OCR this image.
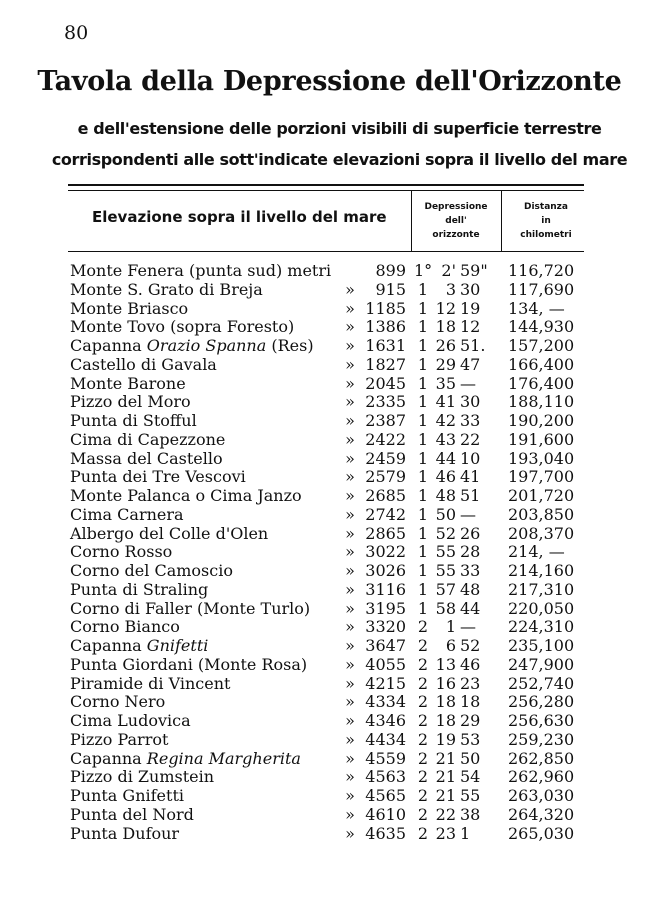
80
Tavola della Depressione dell'Orizzonte
e dell'estensione delle porzioni visibili di superficie terrestre
corrispondenti alle sott'indicate elevazioni sopra il livello del mare
Elevazione sopra il livello del mare
Depressione
dell'
orizzonte
Distanza
in
chilometri
Monte Fenera (punta sud) metri	899 1° 2' 59"	116,720
Monte S. Grato di Breja	»	915 1	3 30	117,690
Monte Briasco	» 1185 1 12 19	134, —
Monte Tovo (sopra Foresto)	» 1386 1 18 12	144,930
Capanna Orazio Spanna (Res) » 1631 1 26 51.	157,200
Castello di Gavala	» 1827 1 29 47	166,400
Monte Barone	» 2045 1 35 —	176,400
Pizzo del Moro	» 2335 1 41 30	188,110
Punta di Stofful	» 2387 1 42 33	190,200
Cima di Capezzone	» 2422 1 43 22	191,600
Massa del Castello	» 2459 1 44 10	193,040
Punta dei Tre Vescovi	» 2579 1 46 41	197,700
Monte Palanca o Cima Janzo	» 2685 1 48 51	201,720
Cima Carnera	» 2742 1 50 —	203,850
Albergo del Colle d'Olen	» 2865 1 52 26	208,370
Corno Rosso	» 3022 1 55 28	214, —
Corno del Camoscio	» 3026 1 55 33	214,160
Punta di Straling	» 3116 1 57 48	217,310
Corno di Faller (Monte Turlo) » 3195 1 58 44	220,050
Corno Bianco	» 3320 2	1 —	224,310
Capanna Gnifetti	» 3647 2	6 52	235,100
Punta Giordani (Monte Rosa) » 4055 2 13 46	247,900
Piramide di Vincent	» 4215 2 16 23	252,740
Corno Nero	» 4334 2 18 18	256,280
Cima Ludovica	» 4346 2 18 29	256,630
Pizzo Parrot	» 4434 2 19 53	259,230
Capanna Regina Margherita	» 4559 2 21 50	262,850
Pizzo di Zumstein	» 4563 2 21 54	262,960
Punta Gnifetti	» 4565 2 21 55	263,030
Punta del Nord	» 4610 2 22 38	264,320
Punta Dufour	» 4635 2 23 1	265,030
